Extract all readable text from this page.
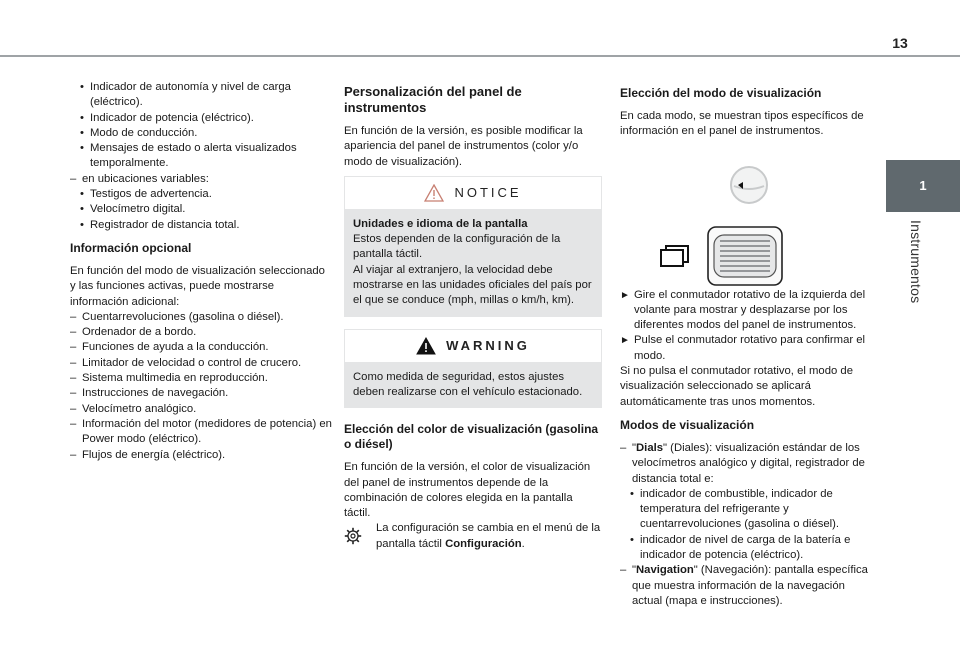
13
1
Instrumentos
• Indicador de autonomía y nivel de carga (eléctrico).
• Indicador de potencia (eléctrico).
• Modo de conducción.
• Mensajes de estado o alerta visualizados temporalmente.
– en ubicaciones variables:
• Testigos de advertencia.
• Velocímetro digital.
• Registrador de distancia total.
Información opcional

En función del modo de visualización seleccionado y las funciones activas, puede mostrarse información adicional:

– Cuentarrevoluciones (gasolina o diésel).
– Ordenador de a bordo.
– Funciones de ayuda a la conducción.
– Limitador de velocidad o control de crucero.
– Sistema multimedia en reproducción.
– Instrucciones de navegación.
– Velocímetro analógico.
– Información del motor (medidores de potencia) en Power modo (eléctrico).
– Flujos de energía (eléctrico).
Personalización del panel de instrumentos

En función de la versión, es posible modificar la apariencia del panel de instrumentos (color y/o modo de visualización).

NOTICE

Unidades e idioma de la pantalla

Estos dependen de la configuración de la pantalla táctil.

Al viajar al extranjero, la velocidad debe mostrarse en las unidades oficiales del país por el que se conduce (mph, millas o km/h, km).

WARNING

Como medida de seguridad, estos ajustes deben realizarse con el vehículo estacionado.

Elección del color de visualización (gasolina o diésel)

En función de la versión, el color de visualización del panel de instrumentos depende de la combinación de colores elegida en la pantalla táctil.

La configuración se cambia en el menú de la pantalla táctil Configuración.

Elección del modo de visualización

En cada modo, se muestran tipos específicos de información en el panel de instrumentos.

► Gire el conmutador rotativo de la izquierda del volante para mostrar y desplazarse por los diferentes modos del panel de instrumentos.
► Pulse el conmutador rotativo para confirmar el modo.

Si no pulsa el conmutador rotativo, el modo de visualización seleccionado se aplicará automáticamente tras unos momentos.

Modos de visualización
– "Dials" (Diales): visualización estándar de los velocímetros analógico y digital, registrador de distancia total e:
• indicador de combustible, indicador de temperatura del refrigerante y cuentarrevoluciones (gasolina o diésel).
• indicador de nivel de carga de la batería e indicador de potencia (eléctrico).
– "Navigation" (Navegación): pantalla específica que muestra información de la navegación actual (mapa e instrucciones).
